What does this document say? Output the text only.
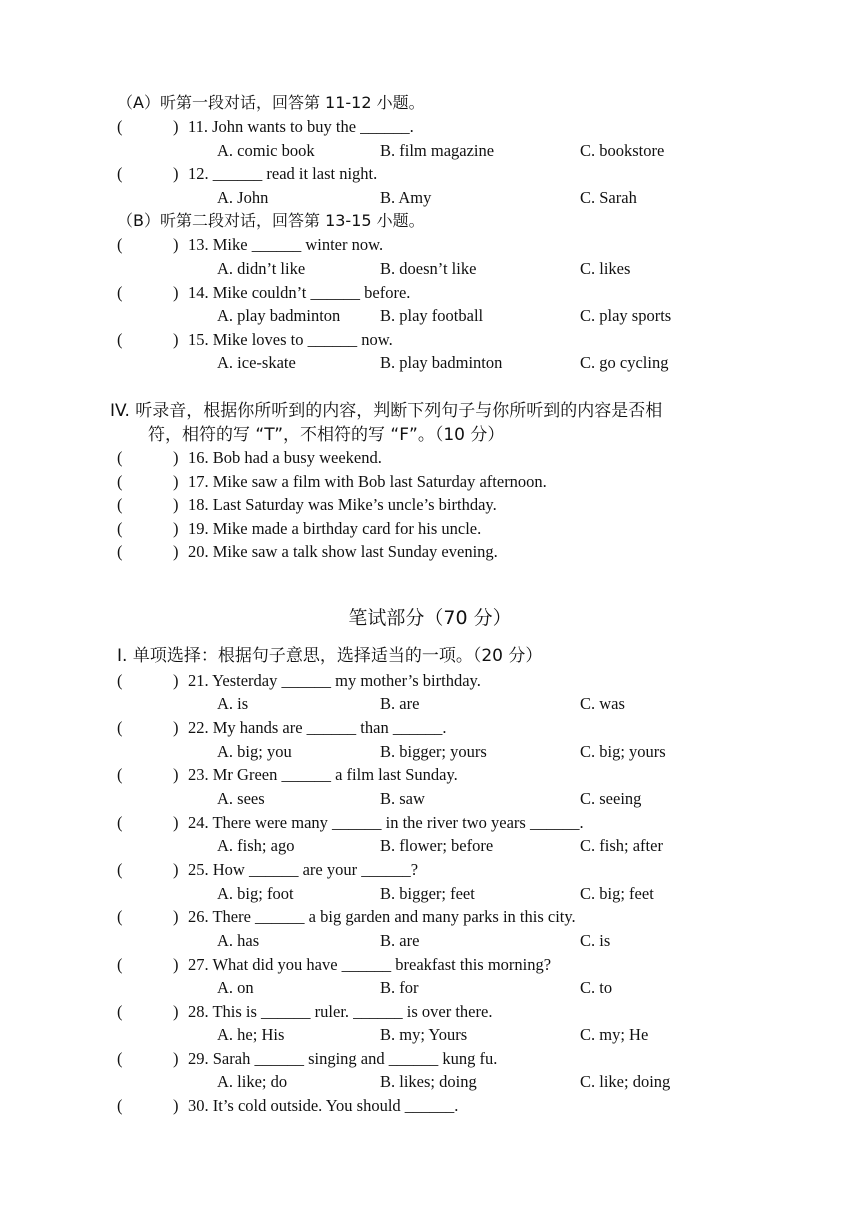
（A）听第一段对话，回答第 11-12 小题。
(	) 11. John wants to buy the ______.
A. comic book	B. film magazine	C. bookstore
(	) 12. ______ read it last night.
A. John	B. Amy	C. Sarah
（B）听第二段对话，回答第 13-15 小题。
(	) 13. Mike ______ winter now.
A. didn’t like	B. doesn’t like	C. likes
(	) 14. Mike couldn’t ______ before.
A. play badminton B. play football	C. play sports
(	) 15. Mike loves to ______ now.
A. ice-skate	B. play badminton	C. go cycling
IV. 听录音，根据你所听到的内容，判断下列句子与你所听到的内容是否相
符，相符的写 “T”，不相符的写 “F”。（10 分）
(	) 16. Bob had a busy weekend.
(	) 17. Mike saw a film with Bob last Saturday afternoon.
(	) 18. Last Saturday was Mike’s uncle’s birthday.
(	) 19. Mike made a birthday card for his uncle.
(	) 20. Mike saw a talk show last Sunday evening.
笔试部分（70 分）
Ⅰ. 单项选择：根据句子意思，选择适当的一项。（20 分）
(	) 21. Yesterday ______ my mother’s birthday.
A. is	B. are	C. was
(	) 22. My hands are ______ than ______.
A. big; you	B. bigger; yours	C. big; yours
(	) 23. Mr Green ______ a film last Sunday.
A. sees	B. saw	C. seeing
(	) 24. There were many ______ in the river two years ______.
A. fish; ago	B. flower; before	C. fish; after
(	) 25. How ______ are your ______?
A. big; foot	B. bigger; feet	C. big; feet
(	) 26. There ______ a big garden and many parks in this city.
A. has	B. are	C. is
(	) 27. What did you have ______ breakfast this morning?
A. on	B. for	C. to
(	) 28. This is ______ ruler. ______ is over there.
A. he; His	B. my; Yours	C. my; He
(	) 29. Sarah ______ singing and ______ kung fu.
A. like; do	B. likes; doing	C. like; doing
(	) 30. It’s cold outside. You should ______.
